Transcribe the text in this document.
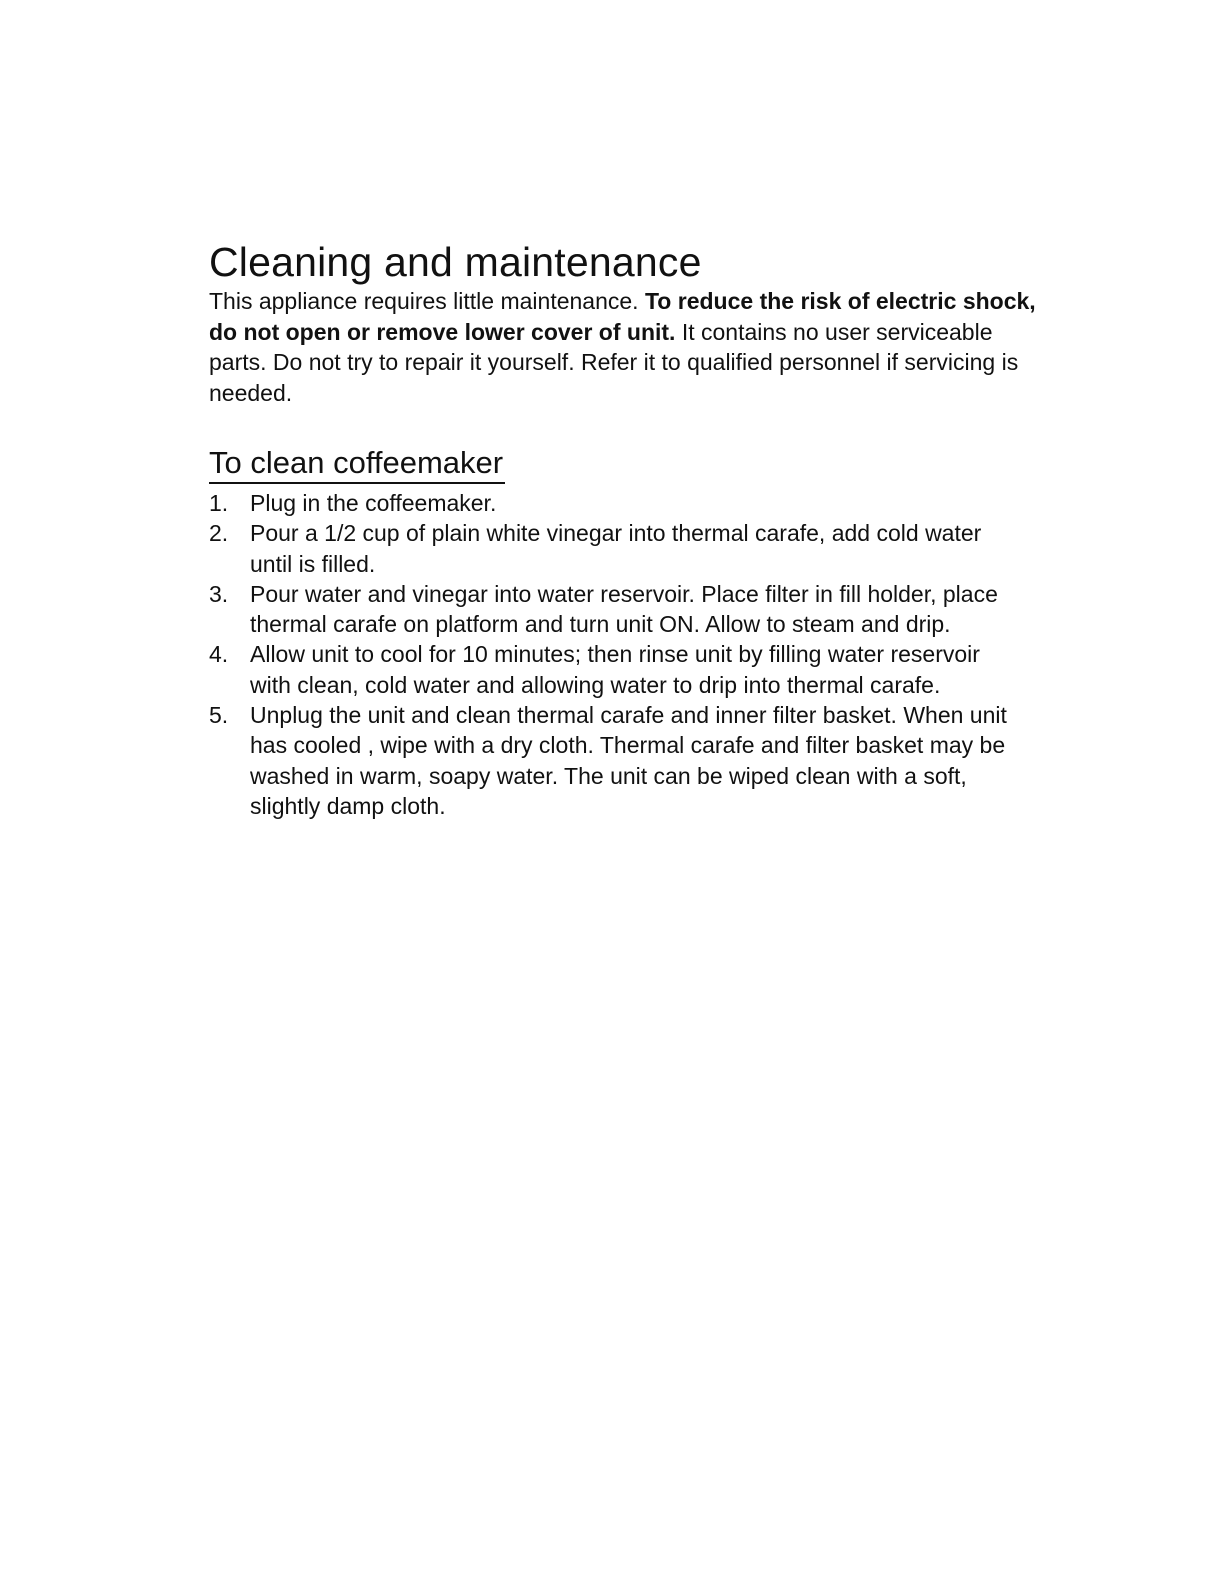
Cleaning and maintenance

This appliance requires little maintenance. To reduce the risk of electric shock, do not open or remove lower cover of unit. It contains no user serviceable parts. Do not try to repair it yourself. Refer it to qualified personnel if servicing is needed.

To clean coffeemaker
1. Plug in the coffeemaker.
2. Pour a 1/2 cup of plain white vinegar into thermal carafe, add cold water until is filled.
3. Pour water and vinegar into water reservoir. Place filter in fill holder, place thermal carafe on platform and turn unit ON. Allow to steam and drip.
4. Allow unit to cool for 10 minutes; then rinse unit by filling water reservoir with clean, cold water and allowing water to drip into thermal carafe.
5. Unplug the unit and clean thermal carafe and inner filter basket. When unit has cooled , wipe with a dry cloth. Thermal carafe and filter basket may be washed in warm, soapy water. The unit can be wiped clean with a soft, slightly damp cloth.
